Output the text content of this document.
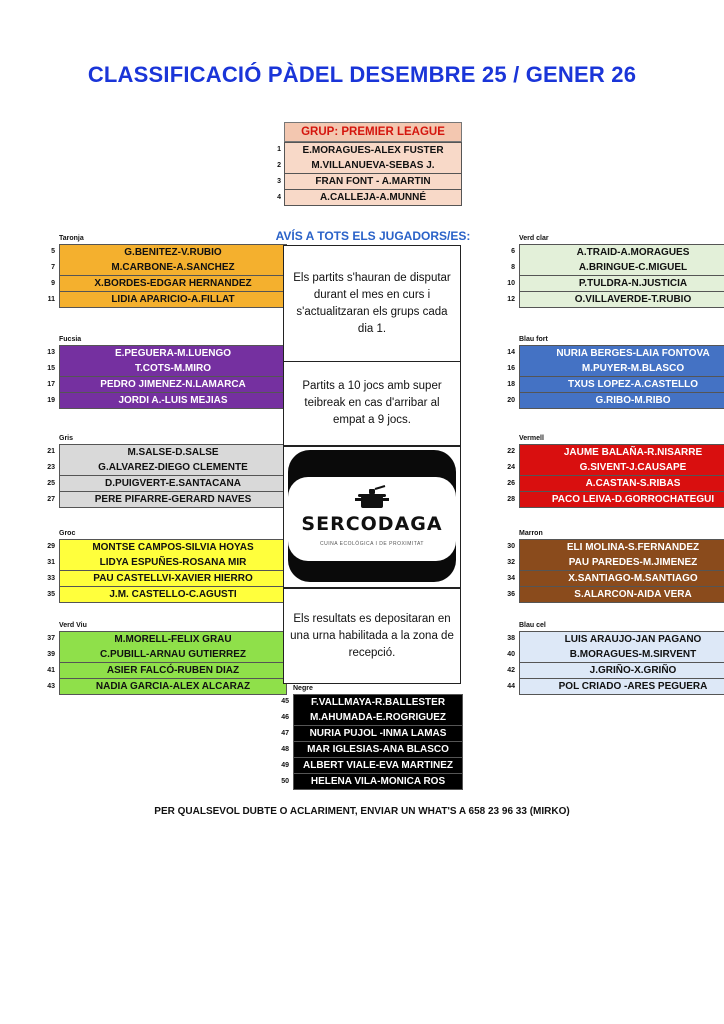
CLASSIFICACIÓ PÀDEL DESEMBRE 25 / GENER 26
GRUP: PREMIER LEAGUE
1	E.MORAGUES-ALEX FUSTER
2	M.VILLANUEVA-SEBAS J.
3	FRAN FONT - A.MARTIN
4	A.CALLEJA-A.MUNNÉ
AVÍS A TOTS ELS JUGADORS/ES:
Taronja
5	G.BENITEZ-V.RUBIO
7	M.CARBONE-A.SANCHEZ
9	X.BORDES-EDGAR HERNANDEZ
11	LIDIA APARICIO-A.FILLAT
Verd clar
6	A.TRAID-A.MORAGUES
8	A.BRINGUE-C.MIGUEL
10	P.TULDRA-N.JUSTICIA
12	O.VILLAVERDE-T.RUBIO
Fucsia
13	E.PEGUERA-M.LUENGO
15	T.COTS-M.MIRO
17	PEDRO JIMENEZ-N.LAMARCA
19	JORDI A.-LUIS MEJIAS
Blau fort
14	NURIA BERGES-LAIA FONTOVA
16	M.PUYER-M.BLASCO
18	TXUS LOPEZ-A.CASTELLO
20	G.RIBO-M.RIBO
Gris
21	M.SALSE-D.SALSE
23	G.ALVAREZ-DIEGO CLEMENTE
25	D.PUIGVERT-E.SANTACANA
27	PERE PIFARRE-GERARD NAVES
Vermell
22	JAUME BALAÑA-R.NISARRE
24	G.SIVENT-J.CAUSAPE
26	A.CASTAN-S.RIBAS
28	PACO LEIVA-D.GORROCHATEGUI
Groc
29	MONTSE CAMPOS-SILVIA HOYAS
31	LIDYA ESPUÑES-ROSANA MIR
33	PAU CASTELLVI-XAVIER HIERRO
35	J.M. CASTELLO-C.AGUSTI
Marron
30	ELI MOLINA-S.FERNANDEZ
32	PAU PAREDES-M.JIMENEZ
34	X.SANTIAGO-M.SANTIAGO
36	S.ALARCON-AIDA VERA
Verd Viu
37	M.MORELL-FELIX GRAU
39	C.PUBILL-ARNAU GUTIERREZ
41	ASIER FALCÓ-RUBEN DIAZ
43	NADIA GARCIA-ALEX ALCARAZ
Blau cel
38	LUIS ARAUJO-JAN PAGANO
40	B.MORAGUES-M.SIRVENT
42	J.GRIÑO-X.GRIÑO
44	POL CRIADO -ARES PEGUERA
Negre
45	F.VALLMAYA-R.BALLESTER
46	M.AHUMADA-E.ROGRIGUEZ
47	NURIA PUJOL -INMA LAMAS
48	MAR IGLESIAS-ANA BLASCO
49	ALBERT VIALE-EVA MARTINEZ
50	HELENA VILA-MONICA ROS
Els partits s'hauran de disputar durant el mes en curs i s'actualitzaran els grups cada dia 1.
Partits a 10 jocs amb super teibreak en cas d'arribar al empat a 9 jocs.
SERCODAGA
CUINA ECOLÒGICA I DE PROXIMITAT
Els resultats es depositaran en una urna habilitada a la zona de recepció.
PER QUALSEVOL DUBTE O ACLARIMENT, ENVIAR UN WHAT'S A 658 23 96 33 (MIRKO)
